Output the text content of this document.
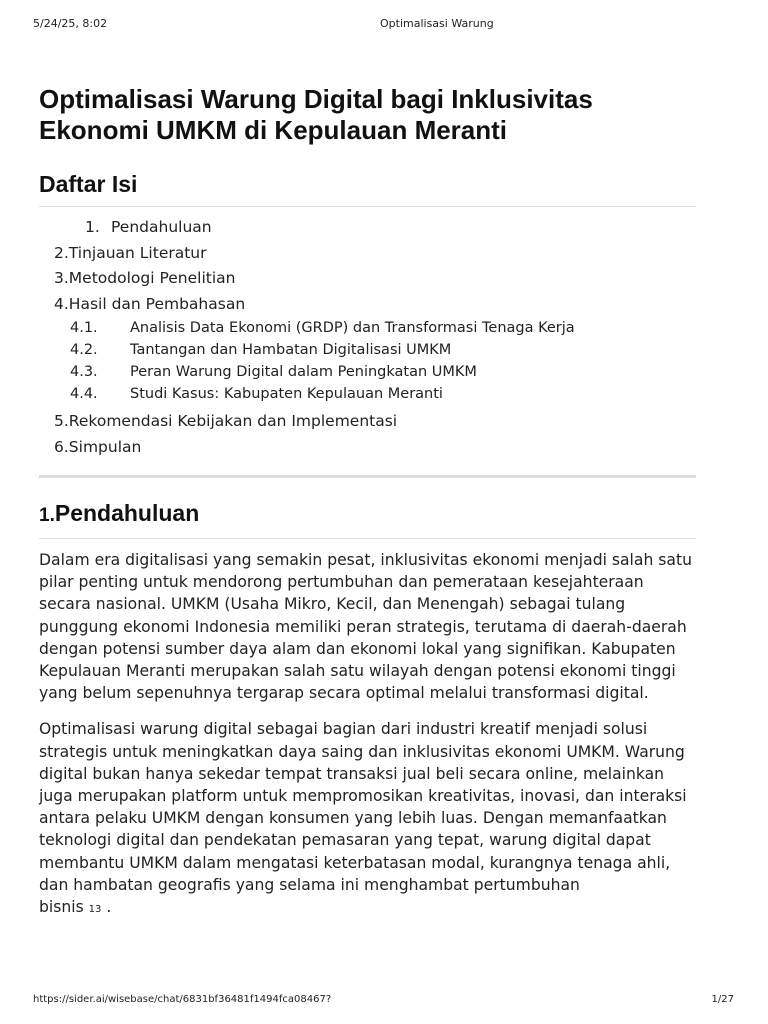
5/24/25, 8:02	Optimalisasi Warung
Optimalisasi Warung Digital bagi Inklusivitas Ekonomi UMKM di Kepulauan Meranti
Daftar Isi
1. Pendahuluan
2.Tinjauan Literatur
3.Metodologi Penelitian
4.Hasil dan Pembahasan
4.1. Analisis Data Ekonomi (GRDP) dan Transformasi Tenaga Kerja
4.2. Tantangan dan Hambatan Digitalisasi UMKM
4.3. Peran Warung Digital dalam Peningkatan UMKM
4.4. Studi Kasus: Kabupaten Kepulauan Meranti
5.Rekomendasi Kebijakan dan Implementasi
6.Simpulan
1.Pendahuluan

Dalam era digitalisasi yang semakin pesat, inklusivitas ekonomi menjadi salah satu pilar penting untuk mendorong pertumbuhan dan pemerataan kesejahteraan secara nasional. UMKM (Usaha Mikro, Kecil, dan Menengah) sebagai tulang punggung ekonomi Indonesia memiliki peran strategis, terutama di daerah-daerah dengan potensi sumber daya alam dan ekonomi lokal yang signifikan. Kabupaten Kepulauan Meranti merupakan salah satu wilayah dengan potensi ekonomi tinggi yang belum sepenuhnya tergarap secara optimal melalui transformasi digital.

Optimalisasi warung digital sebagai bagian dari industri kreatif menjadi solusi strategis untuk meningkatkan daya saing dan inklusivitas ekonomi UMKM. Warung digital bukan hanya sekedar tempat transaksi jual beli secara online, melainkan juga merupakan platform untuk mempromosikan kreativitas, inovasi, dan interaksi antara pelaku UMKM dengan konsumen yang lebih luas. Dengan memanfaatkan teknologi digital dan pendekatan pemasaran yang tepat, warung digital dapat membantu UMKM dalam mengatasi keterbatasan modal, kurangnya tenaga ahli, dan hambatan geografis yang selama ini menghambat pertumbuhan
bisnis 13 .

https://sider.ai/wisebase/chat/6831bf36481f1494fca08467?	1/27
